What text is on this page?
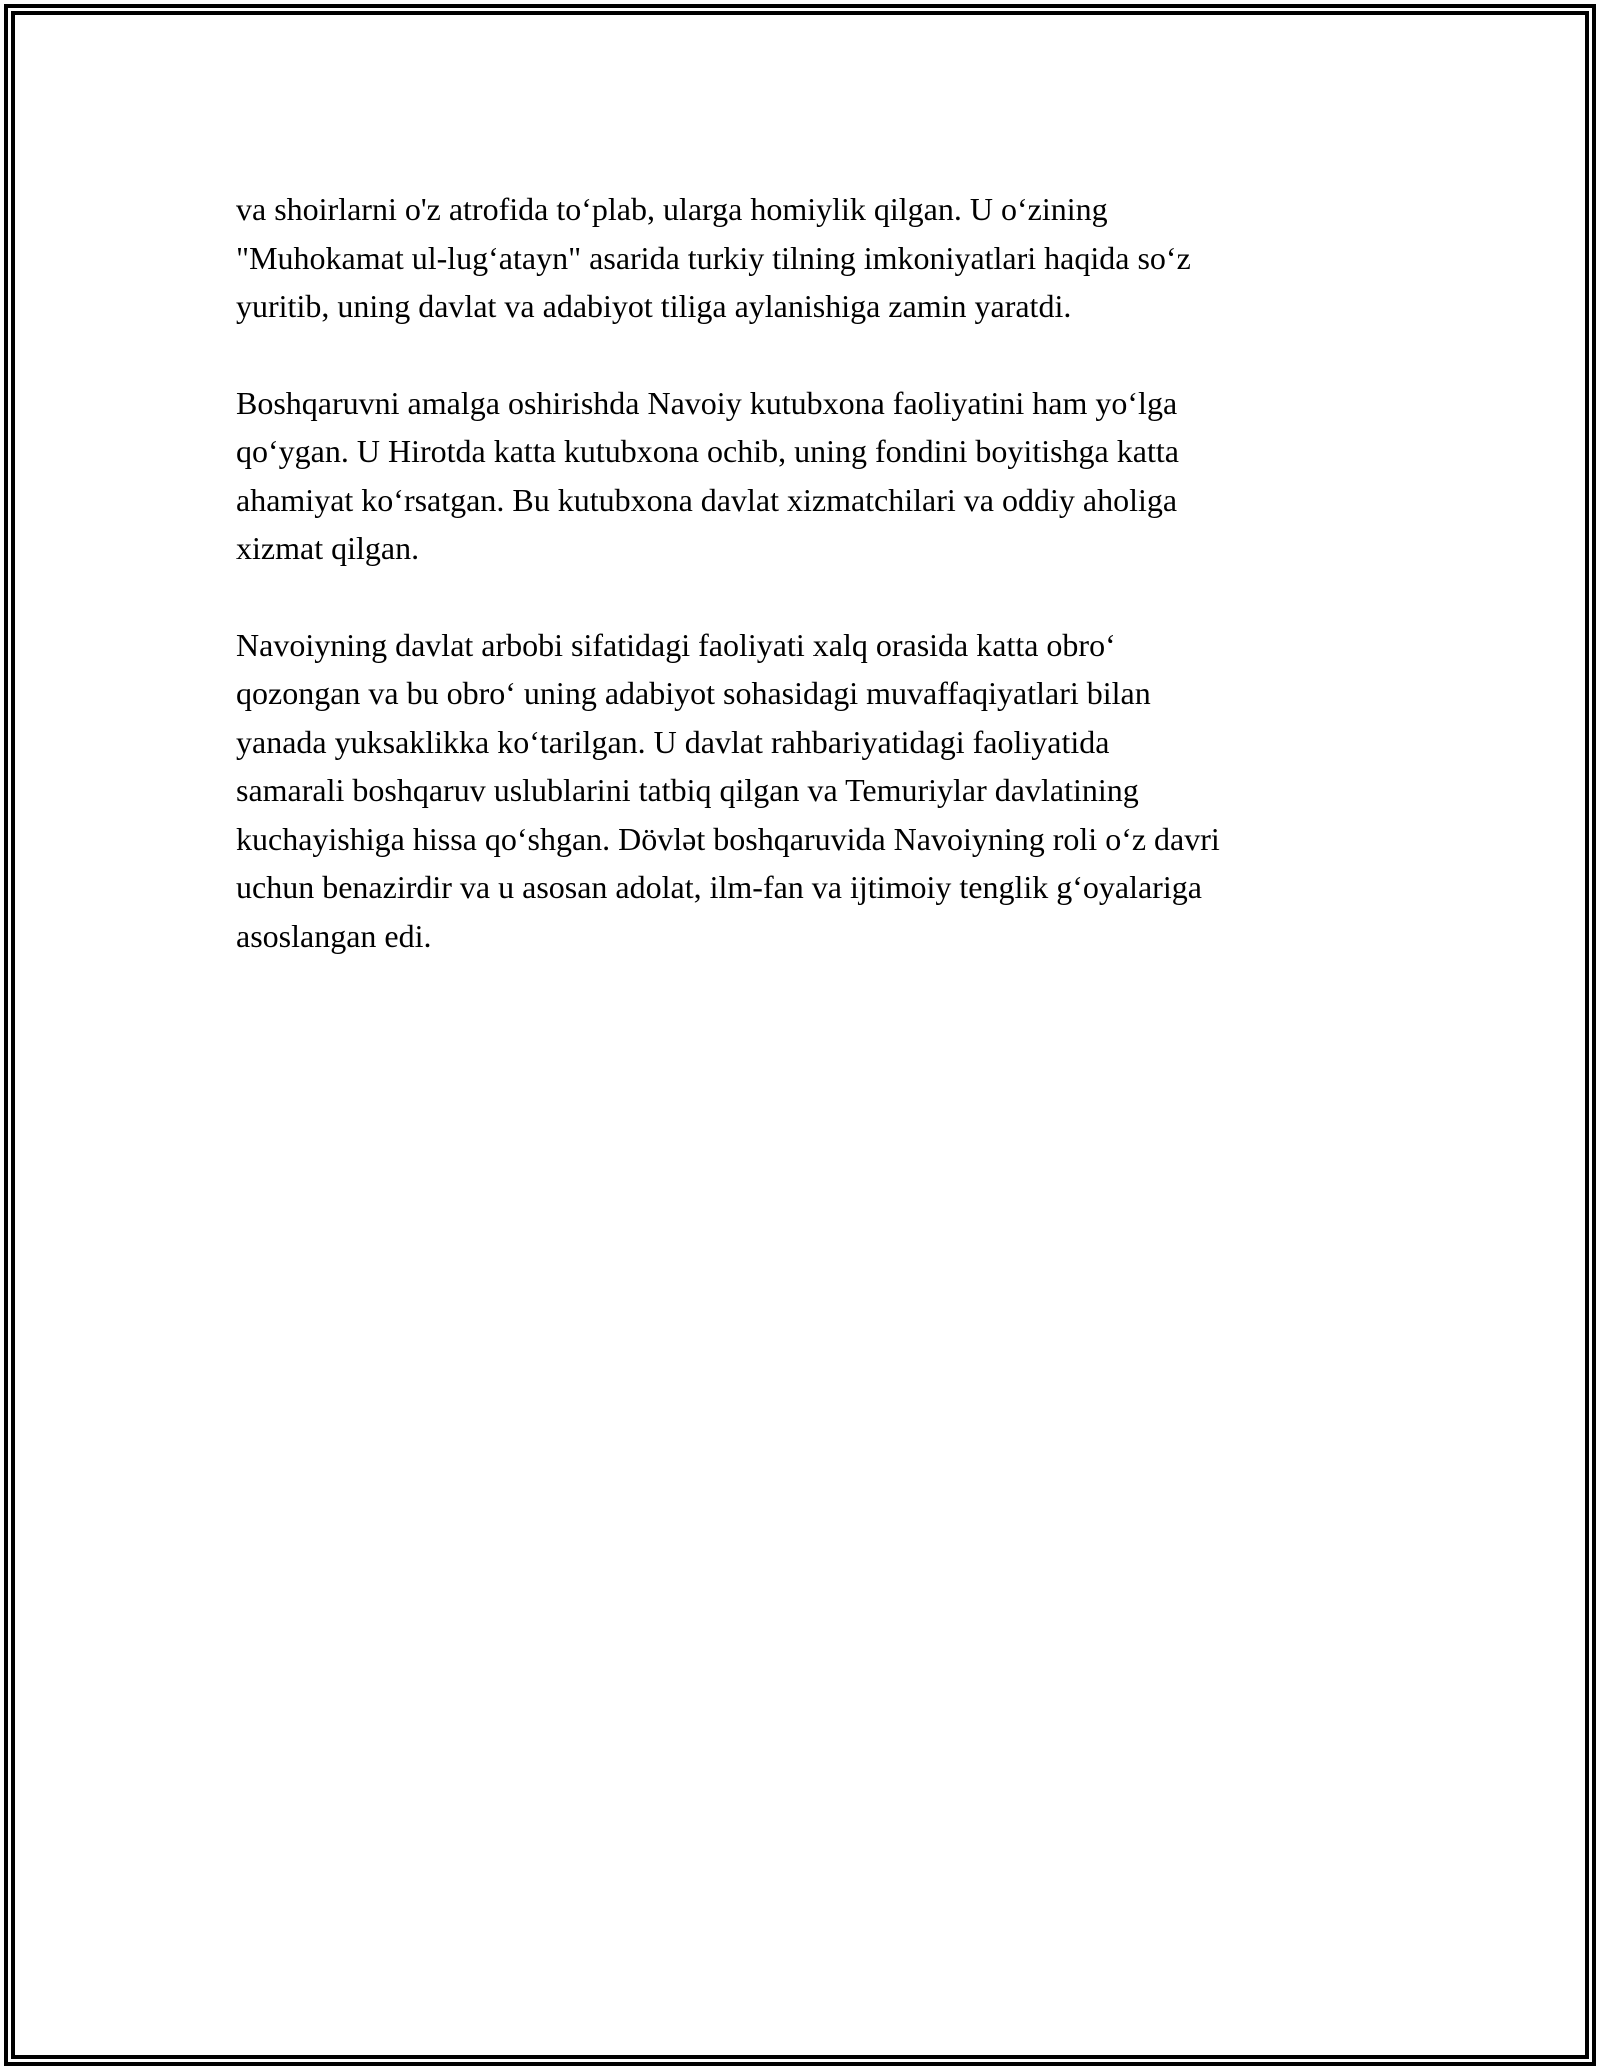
va shoirlarni o'z atrofida to‘plab, ularga homiylik qilgan. U o‘zining
"Muhokamat ul-lug‘atayn" asarida turkiy tilning imkoniyatlari haqida so‘z
yuritib, uning davlat va adabiyot tiliga aylanishiga zamin yaratdi.

Boshqaruvni amalga oshirishda Navoiy kutubxona faoliyatini ham yo‘lga
qo‘ygan. U Hirotda katta kutubxona ochib, uning fondini boyitishga katta
ahamiyat ko‘rsatgan. Bu kutubxona davlat xizmatchilari va oddiy aholiga
xizmat qilgan.

Navoiyning davlat arbobi sifatidagi faoliyati xalq orasida katta obro‘
qozongan va bu obro‘ uning adabiyot sohasidagi muvaffaqiyatlari bilan
yanada yuksaklikka ko‘tarilgan. U davlat rahbariyatidagi faoliyatida
samarali boshqaruv uslublarini tatbiq qilgan va Temuriylar davlatining
kuchayishiga hissa qo‘shgan. Dövlət boshqaruvida Navoiyning roli o‘z davri
uchun benazirdir va u asosan adolat, ilm-fan va ijtimoiy tenglik g‘oyalariga
asoslangan edi.
